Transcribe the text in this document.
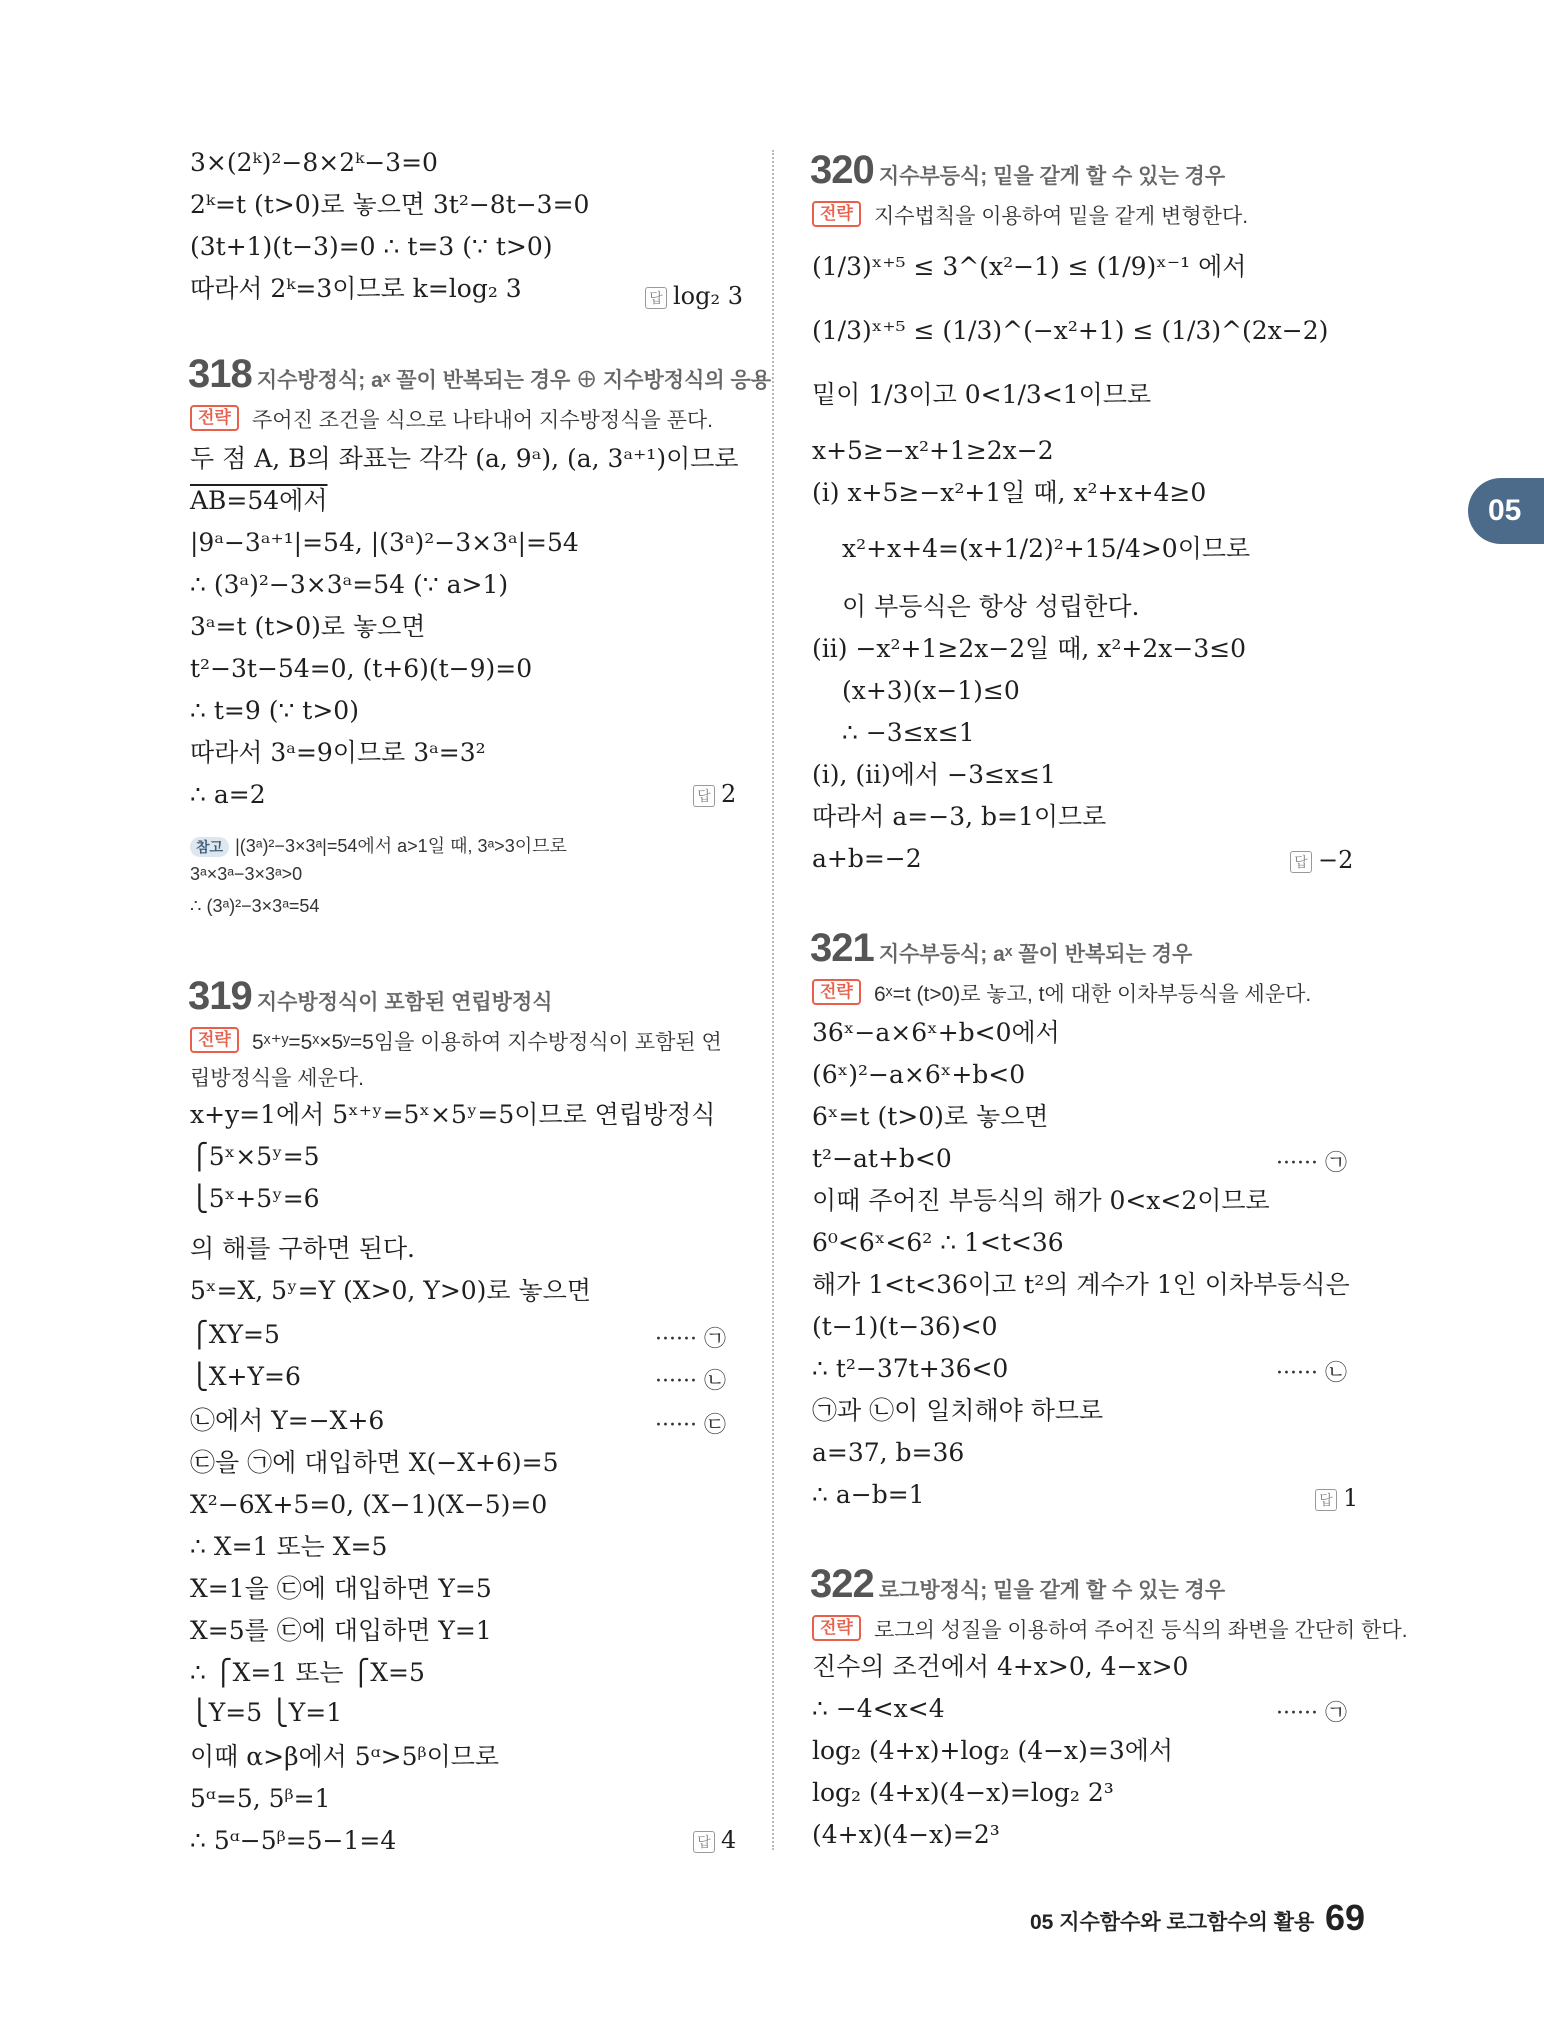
05
3×(2ᵏ)²−8×2ᵏ−3=0
2ᵏ=t (t>0)로 놓으면 3t²−8t−3=0
(3t+1)(t−3)=0 ∴ t=3 (∵ t>0)
따라서 2ᵏ=3이므로 k=log₂ 3	답 log₂ 3
318 지수방정식; aˣ 꼴이 반복되는 경우 ⊕ 지수방정식의 응용
전략	주어진 조건을 식으로 나타내어 지수방정식을 푼다.
두 점 A, B의 좌표는 각각 (a, 9ᵃ), (a, 3ᵃ⁺¹)이므로
AB=54에서
|9ᵃ−3ᵃ⁺¹|=54, |(3ᵃ)²−3×3ᵃ|=54
∴ (3ᵃ)²−3×3ᵃ=54 (∵ a>1)
3ᵃ=t (t>0)로 놓으면
t²−3t−54=0, (t+6)(t−9)=0
∴ t=9 (∵ t>0)
따라서 3ᵃ=9이므로 3ᵃ=3²
∴ a=2	답 2
참고 |(3ᵃ)²−3×3ᵃ|=54에서 a>1일 때, 3ᵃ>3이므로
3ᵃ×3ᵃ−3×3ᵃ>0
∴ (3ᵃ)²−3×3ᵃ=54
319 지수방정식이 포함된 연립방정식
전략	5ˣ⁺ʸ=5ˣ×5ʸ=5임을 이용하여 지수방정식이 포함된 연
립방정식을 세운다.
x+y=1에서 5ˣ⁺ʸ=5ˣ×5ʸ=5이므로 연립방정식
⎧5ˣ×5ʸ=5
⎩5ˣ+5ʸ=6
의 해를 구하면 된다.
5ˣ=X, 5ʸ=Y (X>0, Y>0)로 놓으면
⎧XY=5	······ ㉠
⎩X+Y=6	······ ㉡
㉡에서 Y=−X+6	······ ㉢
㉢을 ㉠에 대입하면 X(−X+6)=5
X²−6X+5=0, (X−1)(X−5)=0
∴ X=1 또는 X=5
X=1을 ㉢에 대입하면 Y=5
X=5를 ㉢에 대입하면 Y=1
∴ ⎧X=1 또는 ⎧X=5
⎩Y=5 ⎩Y=1
이때 α>β에서 5ᵅ>5ᵝ이므로
5ᵅ=5, 5ᵝ=1
∴ 5ᵅ−5ᵝ=5−1=4	답 4
320 지수부등식; 밑을 같게 할 수 있는 경우
전략	지수법칙을 이용하여 밑을 같게 변형한다.
(1/3)ˣ⁺⁵ ≤ 3^(x²−1) ≤ (1/9)ˣ⁻¹ 에서
(1/3)ˣ⁺⁵ ≤ (1/3)^(−x²+1) ≤ (1/3)^(2x−2)
밑이 1/3이고 0<1/3<1이므로
x+5≥−x²+1≥2x−2
(ⅰ) x+5≥−x²+1일 때, x²+x+4≥0
x²+x+4=(x+1/2)²+15/4>0이므로
이 부등식은 항상 성립한다.
(ⅱ) −x²+1≥2x−2일 때, x²+2x−3≤0
(x+3)(x−1)≤0
∴ −3≤x≤1
(ⅰ), (ⅱ)에서 −3≤x≤1
따라서 a=−3, b=1이므로
a+b=−2	답 −2
321 지수부등식; aˣ 꼴이 반복되는 경우
전략	6ˣ=t (t>0)로 놓고, t에 대한 이차부등식을 세운다.
36ˣ−a×6ˣ+b<0에서
(6ˣ)²−a×6ˣ+b<0
6ˣ=t (t>0)로 놓으면
t²−at+b<0	······ ㉠
이때 주어진 부등식의 해가 0<x<2이므로
6⁰<6ˣ<6² ∴ 1<t<36
해가 1<t<36이고 t²의 계수가 1인 이차부등식은
(t−1)(t−36)<0
∴ t²−37t+36<0	······ ㉡
㉠과 ㉡이 일치해야 하므로
a=37, b=36
∴ a−b=1	답 1
322 로그방정식; 밑을 같게 할 수 있는 경우
전략	로그의 성질을 이용하여 주어진 등식의 좌변을 간단히 한다.
진수의 조건에서 4+x>0, 4−x>0
∴ −4<x<4	······ ㉠
log₂ (4+x)+log₂ (4−x)=3에서
log₂ (4+x)(4−x)=log₂ 2³
(4+x)(4−x)=2³
05 지수함수와 로그함수의 활용 69
